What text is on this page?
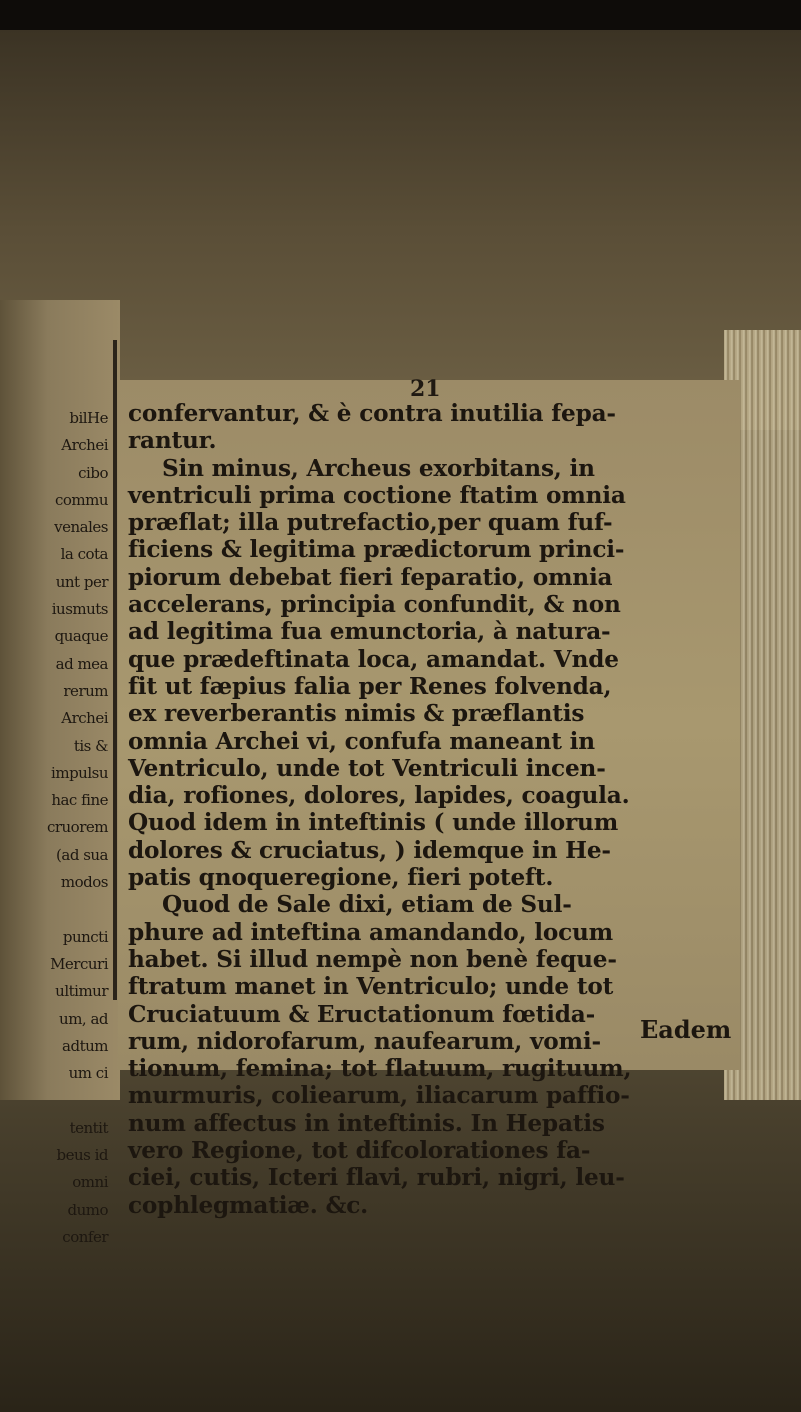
21
bilHe
Archei
cibo
commu
venales
la cota
unt per
iusmuts
quaque
ad mea
rerum
Archei
tis &
impulsu
hac fine
cruorem
(ad sua
modos
puncti
Mercuri
ultimur
um, ad
adtum
um ci
tentit
beus id
omni
dumo
confer
confervantur, & è contra inutilia fepa-
rantur.
Sin minus, Archeus exorbitans, in
ventriculi prima coctione ftatim omnia
præflat; illa putrefactio,per quam fuf-
ficiens & legitima prædictorum princi-
piorum debebat fieri feparatio, omnia
accelerans, principia confundit, & non
ad legitima fua emunctoria, à natura-
que prædeftinata loca, amandat. Vnde
fit ut fæpius falia per Renes folvenda,
ex reverberantis nimis & præflantis
omnia Archei vi, confufa maneant in
Ventriculo, unde tot Ventriculi incen-
dia, rofiones, dolores, lapides, coagula.
Quod idem in inteftinis ( unde illorum
dolores & cruciatus, ) idemque in He-
patis qnoqueregione, fieri poteft.
Quod de Sale dixi, etiam de Sul-
phure ad inteftina amandando, locum
habet. Si illud nempè non benè feque-
ftratum manet in Ventriculo; unde tot
Cruciatuum & Eructationum fœtida-
rum, nidorofarum, naufearum, vomi-
tionum, femina; tot flatuum, rugituum,
murmuris, coliearum, iliacarum paffio-
num affectus in inteftinis. In Hepatis
vero Regione, tot difcolorationes fa-
ciei, cutis, Icteri flavi, rubri, nigri, leu-
cophlegmatiæ. &c.
Eadem
